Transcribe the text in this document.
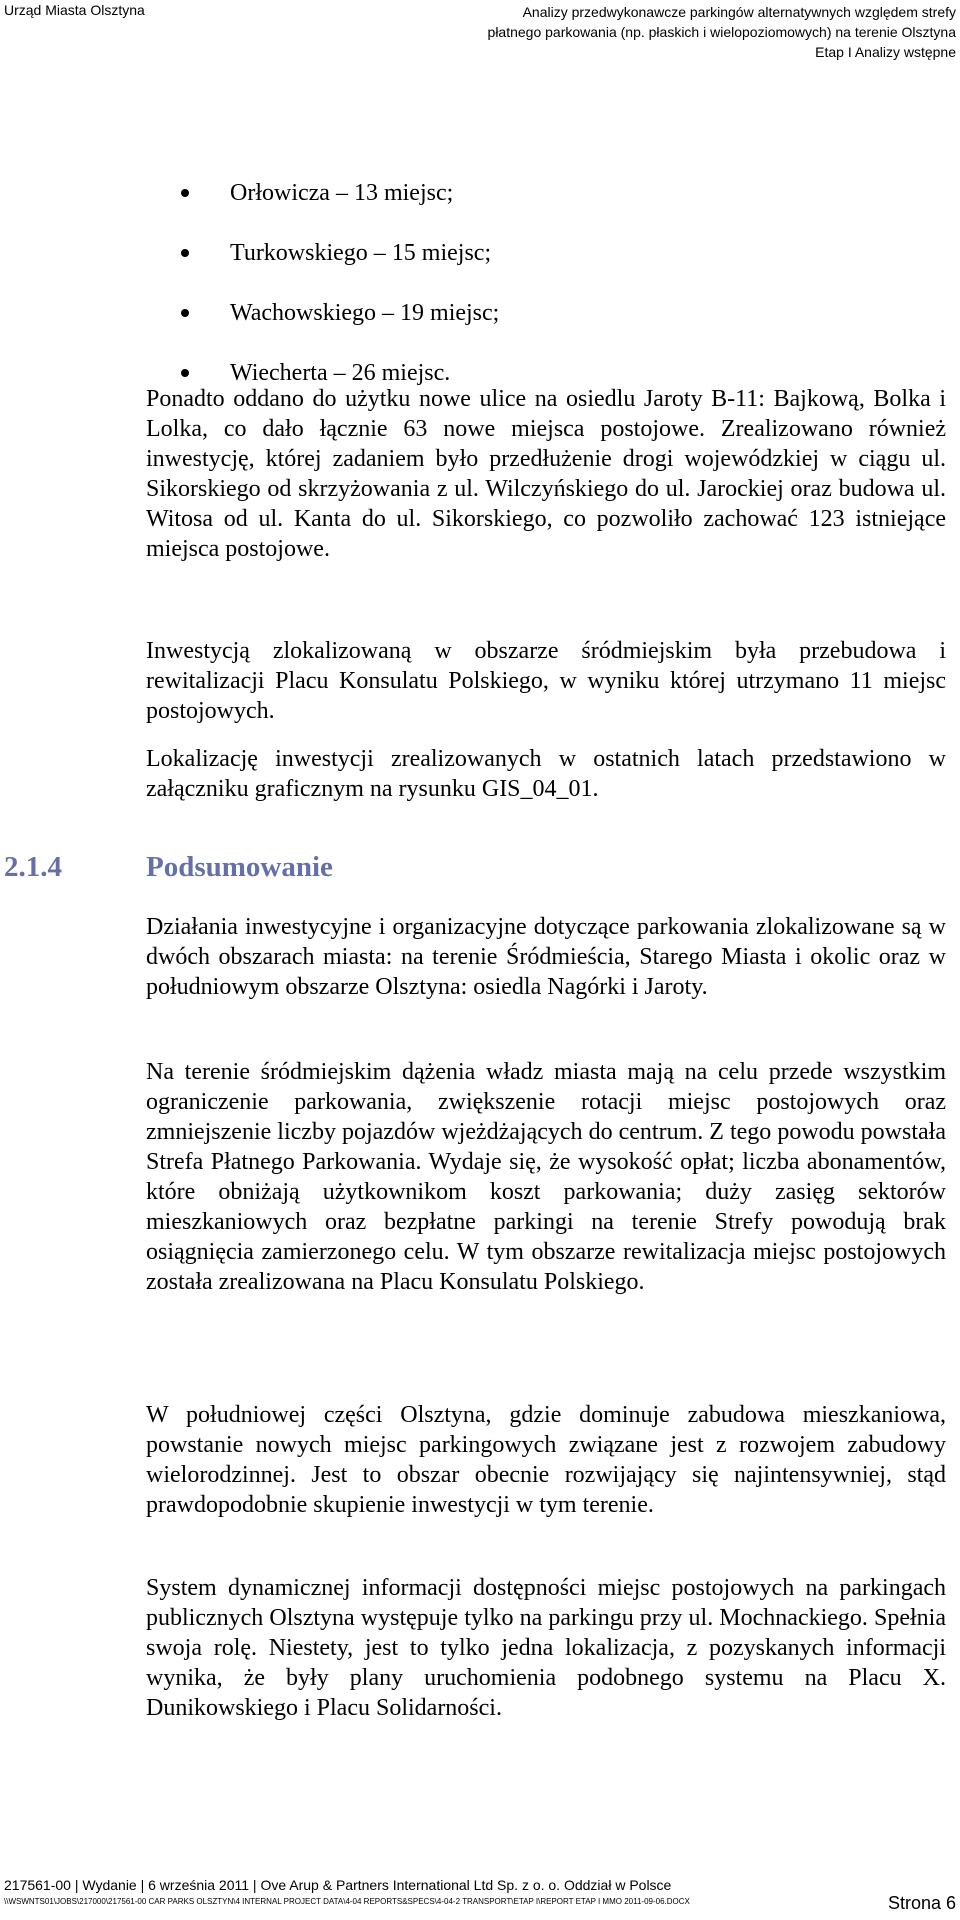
Urząd Miasta Olsztyna	Analizy przedwykonawcze parkingów alternatywnych względem strefy
płatnego parkowania (np. płaskich i wielopoziomowych) na terenie Olsztyna
Etap I Analizy wstępne
Orłowicza – 13 miejsc;
Turkowskiego – 15 miejsc;
Wachowskiego – 19 miejsc;
Wiecherta – 26 miejsc.

Ponadto oddano do użytku nowe ulice na osiedlu Jaroty B-11: Bajkową, Bolka i Lolka, co dało łącznie 63 nowe miejsca postojowe. Zrealizowano również inwestycję, której zadaniem było przedłużenie drogi wojewódzkiej w ciągu ul. Sikorskiego od skrzyżowania z ul. Wilczyńskiego do ul. Jarockiej oraz budowa ul. Witosa od ul. Kanta do ul. Sikorskiego, co pozwoliło zachować 123 istniejące miejsca postojowe.

Inwestycją zlokalizowaną w obszarze śródmiejskim była przebudowa i rewitalizacji Placu Konsulatu Polskiego, w wyniku której utrzymano 11 miejsc postojowych.

Lokalizację inwestycji zrealizowanych w ostatnich latach przedstawiono w załączniku graficznym na rysunku GIS_04_01.

2.1.4	Podsumowanie

Działania inwestycyjne i organizacyjne dotyczące parkowania zlokalizowane są w dwóch obszarach miasta: na terenie Śródmieścia, Starego Miasta i okolic oraz w południowym obszarze Olsztyna: osiedla Nagórki i Jaroty.

Na terenie śródmiejskim dążenia władz miasta mają na celu przede wszystkim ograniczenie parkowania, zwiększenie rotacji miejsc postojowych oraz zmniejszenie liczby pojazdów wjeżdżających do centrum. Z tego powodu powstała Strefa Płatnego Parkowania. Wydaje się, że wysokość opłat; liczba abonamentów, które obniżają użytkownikom koszt parkowania; duży zasięg sektorów mieszkaniowych oraz bezpłatne parkingi na terenie Strefy powodują brak osiągnięcia zamierzonego celu. W tym obszarze rewitalizacja miejsc postojowych została zrealizowana na Placu Konsulatu Polskiego.

W południowej części Olsztyna, gdzie dominuje zabudowa mieszkaniowa, powstanie nowych miejsc parkingowych związane jest z rozwojem zabudowy wielorodzinnej. Jest to obszar obecnie rozwijający się najintensywniej, stąd prawdopodobnie skupienie inwestycji w tym terenie.

System dynamicznej informacji dostępności miejsc postojowych na parkingach publicznych Olsztyna występuje tylko na parkingu przy ul. Mochnackiego. Spełnia swoja rolę. Niestety, jest to tylko jedna lokalizacja, z pozyskanych informacji wynika, że były plany uruchomienia podobnego systemu na Placu X. Dunikowskiego i Placu Solidarności.

217561-00 | Wydanie | 6 września 2011 | Ove Arup & Partners International Ltd Sp. z o. o. Oddział w Polsce
\\WSWNTS01\JOBS\217000\217561-00 CAR PARKS OLSZTYN\4 INTERNAL PROJECT DATA\4-04 REPORTS&SPECS\4-04-2 TRANSPORT\ETAP I\REPORT ETAP I MMO 2011-09-06.DOCX	Strona 6
